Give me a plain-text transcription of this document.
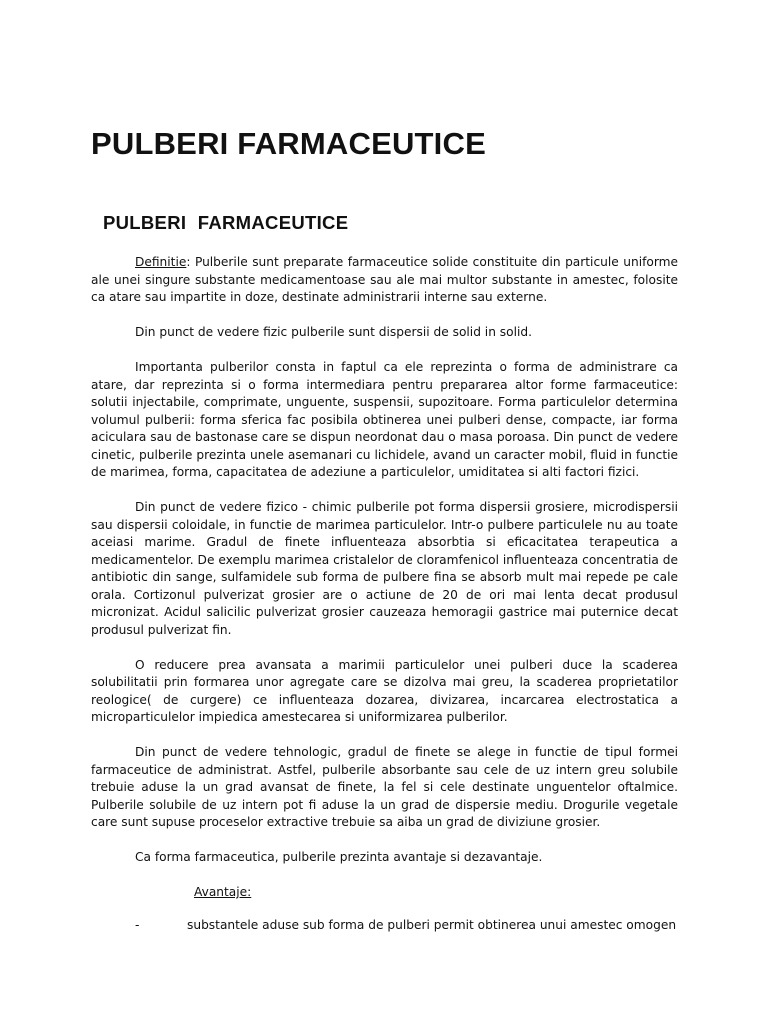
PULBERI FARMACEUTICE
PULBERI FARMACEUTICE

Definitie: Pulberile sunt preparate farmaceutice solide constituite din particule uniforme ale unei singure substante medicamentoase sau ale mai multor substante in amestec, folosite ca atare sau impartite in doze, destinate administrarii interne sau externe.

Din punct de vedere fizic pulberile sunt dispersii de solid in solid.

Importanta pulberilor consta in faptul ca ele reprezinta o forma de administrare ca atare, dar reprezinta si o forma intermediara pentru prepararea altor forme farmaceutice: solutii injectabile, comprimate, unguente, suspensii, supozitoare. Forma particulelor determina volumul pulberii: forma sferica fac posibila obtinerea unei pulberi dense, compacte, iar forma aciculara sau de bastonase care se dispun neordonat dau o masa poroasa. Din punct de vedere cinetic, pulberile prezinta unele asemanari cu lichidele, avand un caracter mobil, fluid in functie de marimea, forma, capacitatea de adeziune a particulelor, umiditatea si alti factori fizici.

Din punct de vedere fizico - chimic pulberile pot forma dispersii grosiere, microdispersii sau dispersii coloidale, in functie de marimea particulelor. Intr-o pulbere particulele nu au toate aceiasi marime. Gradul de finete influenteaza absorbtia si eficacitatea terapeutica a medicamentelor. De exemplu marimea cristalelor de cloramfenicol influenteaza concentratia de antibiotic din sange, sulfamidele sub forma de pulbere fina se absorb mult mai repede pe cale orala. Cortizonul pulverizat grosier are o actiune de 20 de ori mai lenta decat produsul micronizat. Acidul salicilic pulverizat grosier cauzeaza hemoragii gastrice mai puternice decat produsul pulverizat fin.

O reducere prea avansata a marimii particulelor unei pulberi duce la scaderea solubilitatii prin formarea unor agregate care se dizolva mai greu, la scaderea proprietatilor reologice( de curgere) ce influenteaza dozarea, divizarea, incarcarea electrostatica a microparticulelor impiedica amestecarea si uniformizarea pulberilor.

Din punct de vedere tehnologic, gradul de finete se alege in functie de tipul formei farmaceutice de administrat. Astfel, pulberile absorbante sau cele de uz intern greu solubile trebuie aduse la un grad avansat de finete, la fel si cele destinate unguentelor oftalmice. Pulberile solubile de uz intern pot fi aduse la un grad de dispersie mediu. Drogurile vegetale care sunt supuse proceselor extractive trebuie sa aiba un grad de diviziune grosier.

Ca forma farmaceutica, pulberile prezinta avantaje si dezavantaje.

Avantaje:
-	substantele aduse sub forma de pulberi permit obtinerea unui amestec omogen
